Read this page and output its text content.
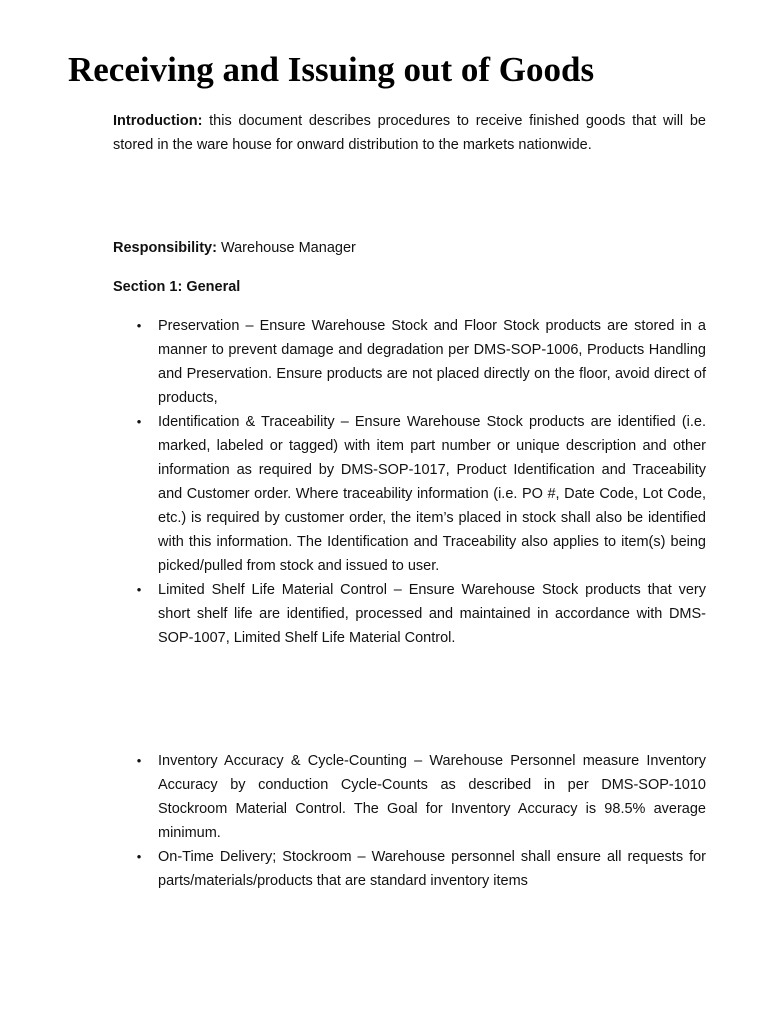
Receiving and Issuing out of Goods

Introduction: this document describes procedures to receive finished goods that will be stored in the ware house for onward distribution to the markets nationwide.

Responsibility: Warehouse Manager

Section 1: General

• Preservation – Ensure Warehouse Stock and Floor Stock products are stored in a manner to prevent damage and degradation per DMS-SOP-1006, Products Handling and Preservation. Ensure products are not placed directly on the floor, avoid direct of products,
• Identification & Traceability – Ensure Warehouse Stock products are identified (i.e. marked, labeled or tagged) with item part number or unique description and other information as required by DMS-SOP-1017, Product Identification and Traceability and Customer order. Where traceability information (i.e. PO #, Date Code, Lot Code, etc.) is required by customer order, the item’s placed in stock shall also be identified with this information. The Identification and Traceability also applies to item(s) being picked/pulled from stock and issued to user.
• Limited Shelf Life Material Control – Ensure Warehouse Stock products that very short shelf life are identified, processed and maintained in accordance with DMS-SOP-1007, Limited Shelf Life Material Control.
• Inventory Accuracy & Cycle-Counting – Warehouse Personnel measure Inventory Accuracy by conduction Cycle-Counts as described in per DMS-SOP-1010 Stockroom Material Control. The Goal for Inventory Accuracy is 98.5% average minimum.
• On-Time Delivery; Stockroom – Warehouse personnel shall ensure all requests for parts/materials/products that are standard inventory items
